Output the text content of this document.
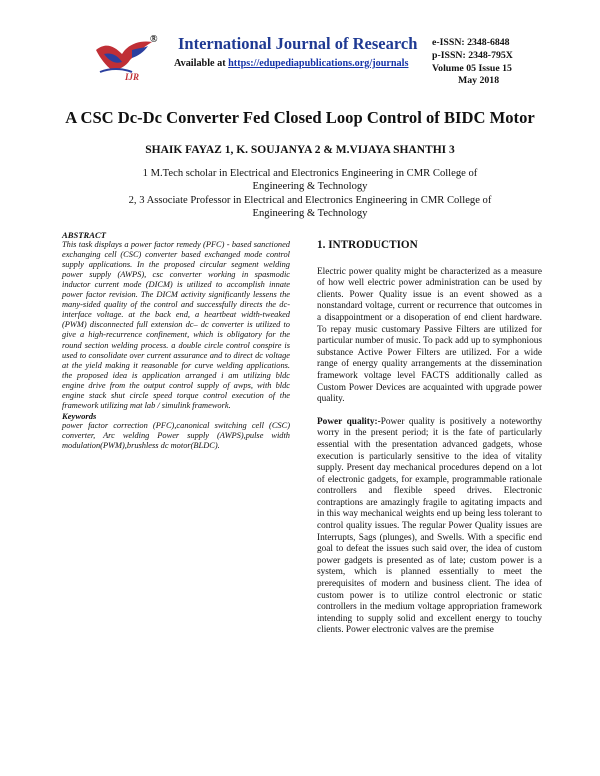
IJR
® International Journal of Research
Available at https://edupediapublications.org/journals
e-ISSN: 2348-6848
p-ISSN: 2348-795X
Volume 05 Issue 15
May 2018
A CSC Dc-Dc Converter Fed Closed Loop Control of BIDC Motor
SHAIK FAYAZ 1, K. SOUJANYA 2 & M.VIJAYA SHANTHI 3
1 M.Tech scholar in Electrical and Electronics Engineering in CMR College of Engineering & Technology
2, 3 Associate Professor in Electrical and Electronics Engineering in CMR College of Engineering & Technology
ABSTRACT

This task displays a power factor remedy (PFC) - based sanctioned exchanging cell (CSC) converter based exchanged mode control supply applications. In the proposed circular segment welding power supply (AWPS), csc converter working in spasmodic inductor current mode (DICM) is utilized to accomplish innate power factor revision. The DICM activity significantly lessens the many-sided quality of the control and successfully directs the dc-interface voltage. at the back end, a heartbeat width-tweaked (PWM) disconnected full extension dc– dc converter is utilized to give a high-recurrence confinement, which is obligatory for the round section welding process. a double circle control conspire is used to consolidate over current assurance and to direct dc voltage at the yield making it reasonable for curve welding applications. the proposed idea is application arranged i am utilizing bldc engine drive from the output control supply of awps, with bldc engine stack shut circle speed torque control execution of the framework utilizing mat lab / simulink framework.

Keywords

power factor correction (PFC),canonical switching cell (CSC) converter, Arc welding Power supply (AWPS),pulse width modulation(PWM),brushless dc motor(BLDC).

1. INTRODUCTION

Electric power quality might be characterized as a measure of how well electric power administration can be used by clients. Power Quality issue is an event showed as a nonstandard voltage, current or recurrence that outcomes in a disappointment or a disoperation of end client hardware. To repay music customary Passive Filters are utilized for particular number of music. To pack add up to symphonious substance Active Power Filters are utilized. For a wide range of energy quality arrangements at the dissemination framework voltage level FACTS additionally called as Custom Power Devices are acquainted with upgrade power quality.

Power quality:-Power quality is positively a noteworthy worry in the present period; it is the fate of particularly essential with the presentation advanced gadgets, whose execution is particularly sensitive to the idea of vitality supply. Present day mechanical procedures depend on a lot of electronic gadgets, for example, programmable rationale controllers and flexible speed drives. Electronic contraptions are amazingly fragile to agitating impacts and in this way mechanical weights end up being less tolerant to control quality issues. The regular Power Quality issues are Interrupts, Sags (plunges), and Swells. With a specific end goal to defeat the issues such said over, the idea of custom power gadgets is presented as of late; custom power is a system, which is planned essentially to meet the prerequisites of modern and business client. The idea of custom power is to utilize control electronic or static controllers in the medium voltage appropriation framework intending to supply solid and excellent energy to touchy clients. Power electronic valves are the premise
